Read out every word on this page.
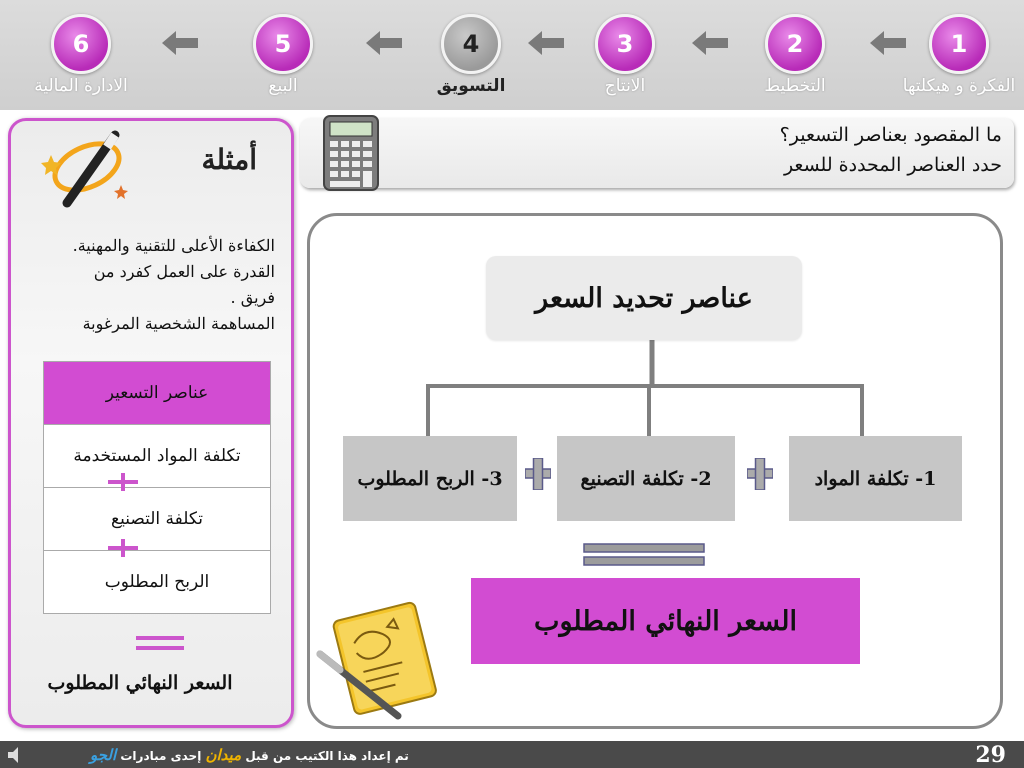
1
الفكرة و هيكلتها
2
التخطيط
3
الانتاج
4
التسويق
5
البيع
6
الادارة المالية
أمثلة
الكفاءة الأعلى للتقنية والمهنية.
القدرة على العمل كفرد من
فريق .
المساهمة الشخصية المرغوبة
عناصر التسعير
تكلفة المواد المستخدمة
تكلفة التصنيع
الربح المطلوب
السعر النهائي المطلوب
ما المقصود بعناصر التسعير؟
حدد العناصر المحددة للسعر
عناصر تحديد السعر
1- تكلفة المواد
2- تكلفة التصنيع
3- الربح المطلوب
السعر النهائي المطلوب
تم إعداد هذا الكتيب من قبل ميدان إحدى مبادرات الجو	29
